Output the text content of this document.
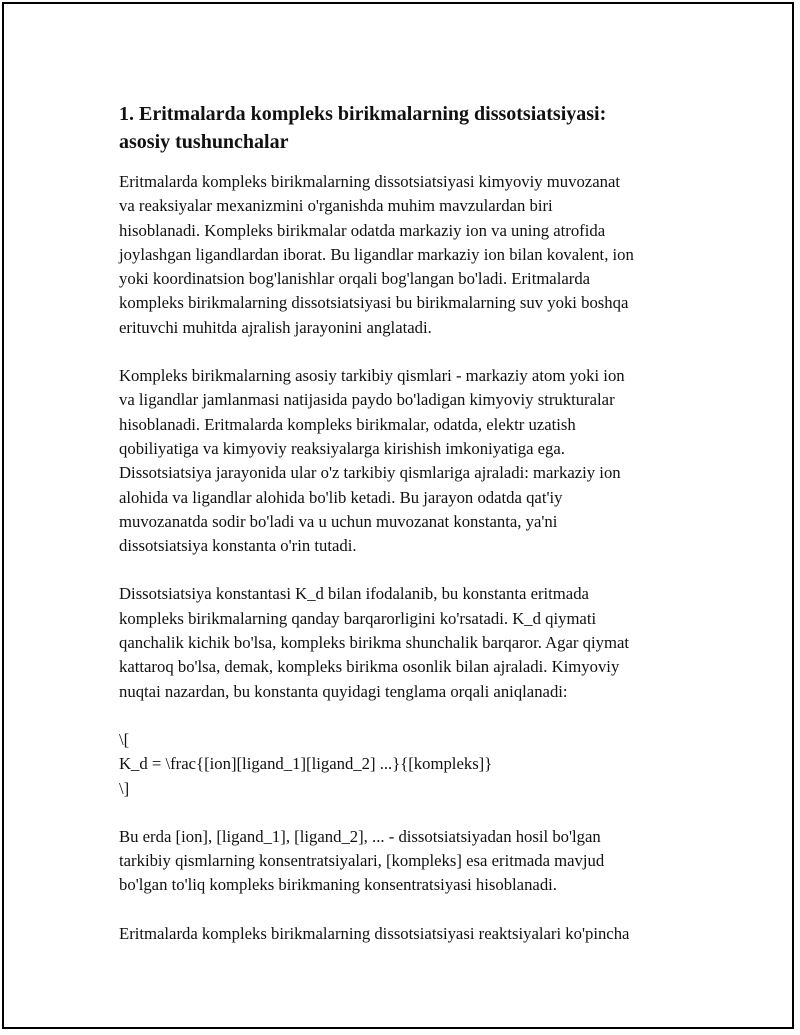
1. Eritmalarda kompleks birikmalarning dissotsiatsiyasi:
asosiy tushunchalar
Eritmalarda kompleks birikmalarning dissotsiatsiyasi kimyoviy muvozanat
va reaksiyalar mexanizmini o'rganishda muhim mavzulardan biri
hisoblanadi. Kompleks birikmalar odatda markaziy ion va uning atrofida
joylashgan ligandlardan iborat. Bu ligandlar markaziy ion bilan kovalent, ion
yoki koordinatsion bog'lanishlar orqali bog'langan bo'ladi. Eritmalarda
kompleks birikmalarning dissotsiatsiyasi bu birikmalarning suv yoki boshqa
erituvchi muhitda ajralish jarayonini anglatadi.
Kompleks birikmalarning asosiy tarkibiy qismlari - markaziy atom yoki ion
va ligandlar jamlanmasi natijasida paydo bo'ladigan kimyoviy strukturalar
hisoblanadi. Eritmalarda kompleks birikmalar, odatda, elektr uzatish
qobiliyatiga va kimyoviy reaksiyalarga kirishish imkoniyatiga ega.
Dissotsiatsiya jarayonida ular o'z tarkibiy qismlariga ajraladi: markaziy ion
alohida va ligandlar alohida bo'lib ketadi. Bu jarayon odatda qat'iy
muvozanatda sodir bo'ladi va u uchun muvozanat konstanta, ya'ni
dissotsiatsiya konstanta o'rin tutadi.
Dissotsiatsiya konstantasi K_d bilan ifodalanib, bu konstanta eritmada
kompleks birikmalarning qanday barqarorligini ko'rsatadi. K_d qiymati
qanchalik kichik bo'lsa, kompleks birikma shunchalik barqaror. Agar qiymat
kattaroq bo'lsa, demak, kompleks birikma osonlik bilan ajraladi. Kimyoviy
nuqtai nazardan, bu konstanta quyidagi tenglama orqali aniqlanadi:
\[
K_d = \frac{[ion][ligand_1][ligand_2] ...}{[kompleks]}
\]
Bu erda [ion], [ligand_1], [ligand_2], ... - dissotsiatsiyadan hosil bo'lgan
tarkibiy qismlarning konsentratsiyalari, [kompleks] esa eritmada mavjud
bo'lgan to'liq kompleks birikmaning konsentratsiyasi hisoblanadi.
Eritmalarda kompleks birikmalarning dissotsiatsiyasi reaktsiyalari ko'pincha
